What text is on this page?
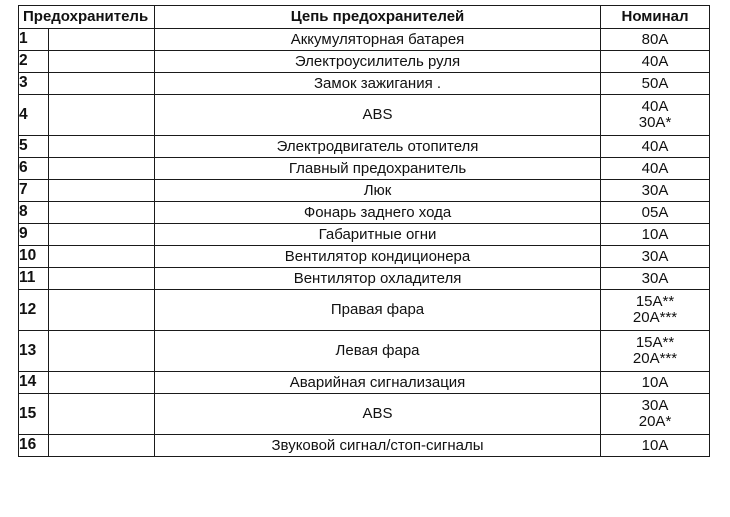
Предохранитель		Цепь предохранителей	Номинал
1		Аккумуляторная батарея	80A

2		Электроусилитель руля	40A

3		Замок зажигания .	50A

4		ABS	40A
30A*

5		Электродвигатель отопителя	40A

6		Главный предохранитель	40A

7		Люк	30A

8		Фонарь заднего хода	05A

9		Габаритные огни	10A

10		Вентилятор кондиционера	30A

11		Вентилятор охладителя	30A

12		Правая фара	15A**
20A***

13		Левая фара	15A**
20A***

14		Аварийная сигнализация	10A

15		ABS	30A
20A*

16		Звуковой сигнал/стоп-сигналы	10A
